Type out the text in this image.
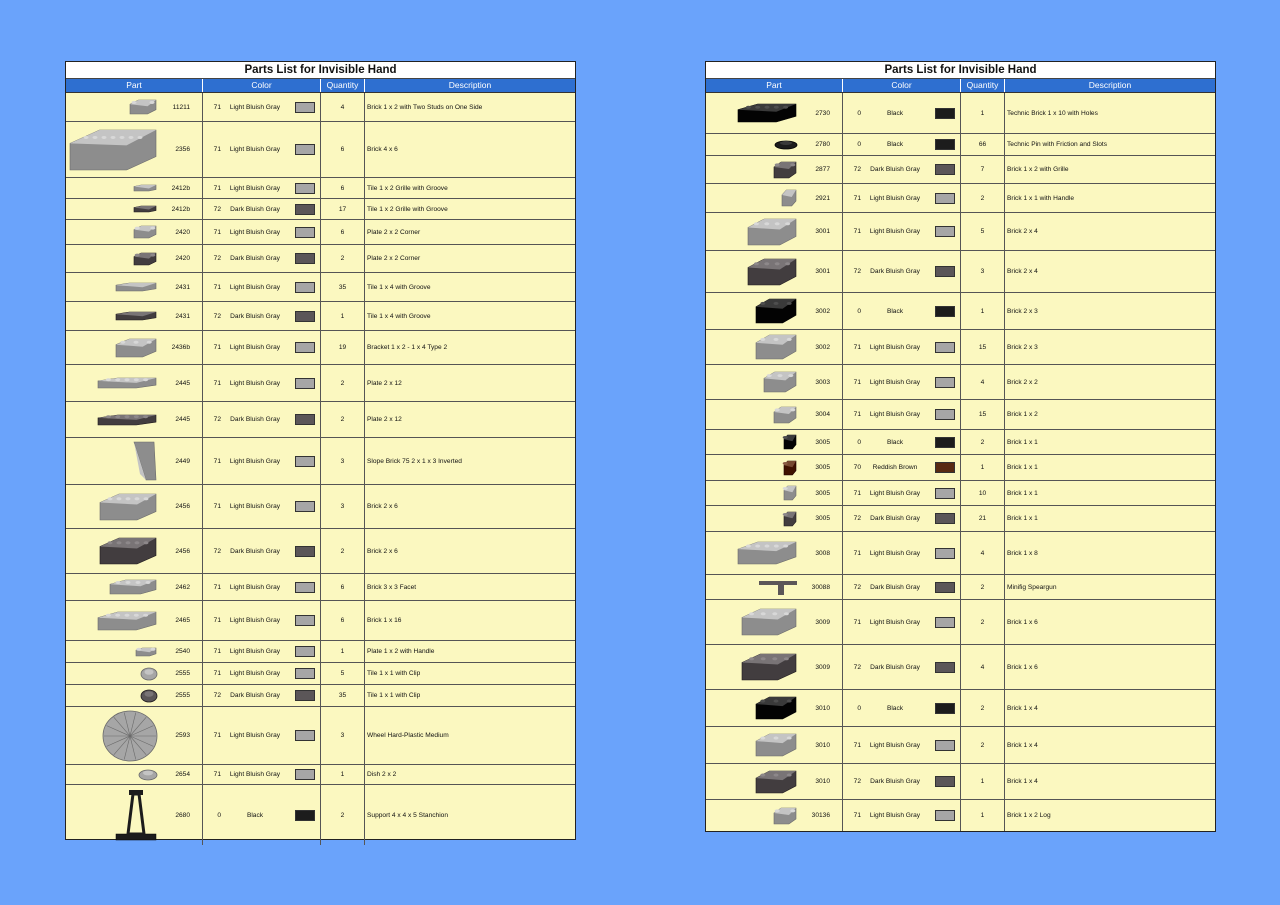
Parts List for Invisible Hand
Part	Color	Quantity	Description
11211	71	Light Bluish Gray	4	Brick 1 x 2 with Two Studs on One Side
2356	71	Light Bluish Gray	6	Brick 4 x 6
2412b	71	Light Bluish Gray	6	Tile 1 x 2 Grille with Groove
2412b	72	Dark Bluish Gray	17	Tile 1 x 2 Grille with Groove
2420	71	Light Bluish Gray	6	Plate 2 x 2 Corner
2420	72	Dark Bluish Gray	2	Plate 2 x 2 Corner
2431	71	Light Bluish Gray	35	Tile 1 x 4 with Groove
2431	72	Dark Bluish Gray	1	Tile 1 x 4 with Groove
2436b	71	Light Bluish Gray	19	Bracket 1 x 2 - 1 x 4 Type 2
2445	71	Light Bluish Gray	2	Plate 2 x 12
2445	72	Dark Bluish Gray	2	Plate 2 x 12
2449	71	Light Bluish Gray	3	Slope Brick 75 2 x 1 x 3 Inverted
2456	71	Light Bluish Gray	3	Brick 2 x 6
2456	72	Dark Bluish Gray	2	Brick 2 x 6
2462	71	Light Bluish Gray	6	Brick 3 x 3 Facet
2465	71	Light Bluish Gray	6	Brick 1 x 16
2540	71	Light Bluish Gray	1	Plate 1 x 2 with Handle
2555	71	Light Bluish Gray	5	Tile 1 x 1 with Clip
2555	72	Dark Bluish Gray	35	Tile 1 x 1 with Clip
2593	71	Light Bluish Gray	3	Wheel Hard-Plastic Medium
2654	71	Light Bluish Gray	1	Dish 2 x 2
2680	0	Black	2	Support 4 x 4 x 5 Stanchion
Parts List for Invisible Hand
Part	Color	Quantity	Description
2730	0	Black	1	Technic Brick 1 x 10 with Holes
2780	0	Black	66	Technic Pin with Friction and Slots
2877	72	Dark Bluish Gray	7	Brick 1 x 2 with Grille
2921	71	Light Bluish Gray	2	Brick 1 x 1 with Handle
3001	71	Light Bluish Gray	5	Brick 2 x 4
3001	72	Dark Bluish Gray	3	Brick 2 x 4
3002	0	Black	1	Brick 2 x 3
3002	71	Light Bluish Gray	15	Brick 2 x 3
3003	71	Light Bluish Gray	4	Brick 2 x 2
3004	71	Light Bluish Gray	15	Brick 1 x 2
3005	0	Black	2	Brick 1 x 1
3005	70	Reddish Brown	1	Brick 1 x 1
3005	71	Light Bluish Gray	10	Brick 1 x 1
3005	72	Dark Bluish Gray	21	Brick 1 x 1
3008	71	Light Bluish Gray	4	Brick 1 x 8
30088	72	Dark Bluish Gray	2	Minifig Speargun
3009	71	Light Bluish Gray	2	Brick 1 x 6
3009	72	Dark Bluish Gray	4	Brick 1 x 6
3010	0	Black	2	Brick 1 x 4
3010	71	Light Bluish Gray	2	Brick 1 x 4
3010	72	Dark Bluish Gray	1	Brick 1 x 4
30136	71	Light Bluish Gray	1	Brick 1 x 2 Log
